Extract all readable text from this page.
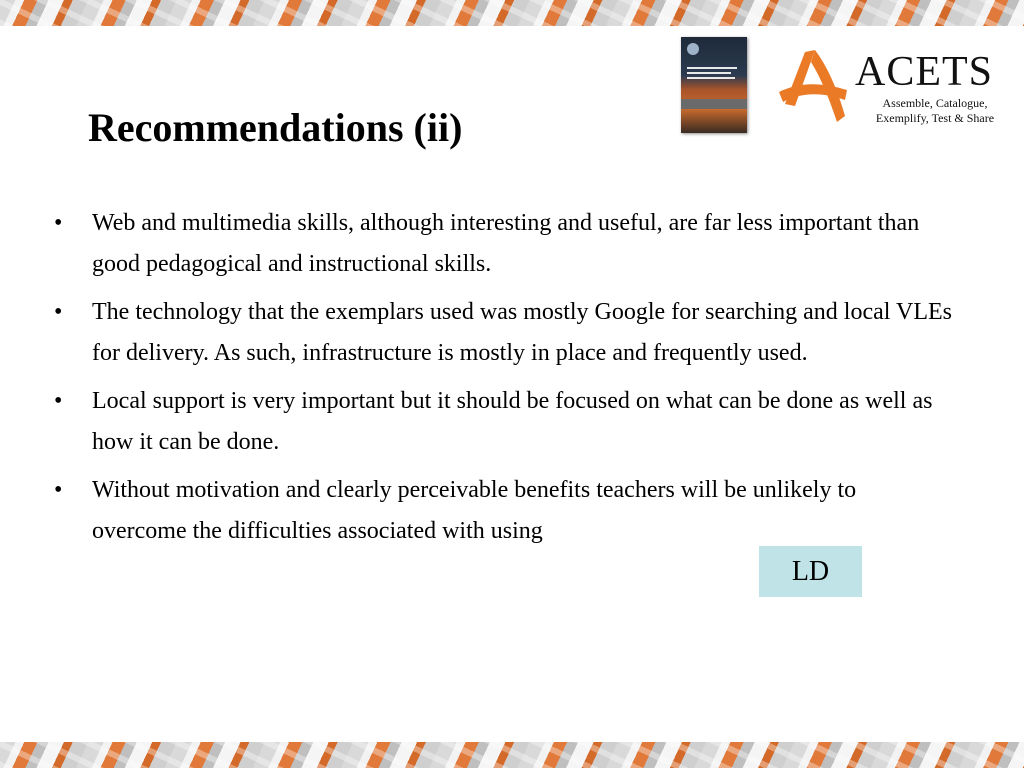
Recommendations (ii)
ACETS
Assemble, Catalogue,
Exemplify, Test & Share
• Web and multimedia skills, although interesting and useful, are far less important than good pedagogical and instructional skills.
• The technology that the exemplars used was mostly Google for searching and local VLEs for delivery. As such, infrastructure is mostly in place and frequently used.
• Local support is very important but it should be focused on what can be done as well as how it can be done.
• Without motivation and clearly perceivable benefits teachers will be unlikely to overcome the difficulties associated with using
LD
